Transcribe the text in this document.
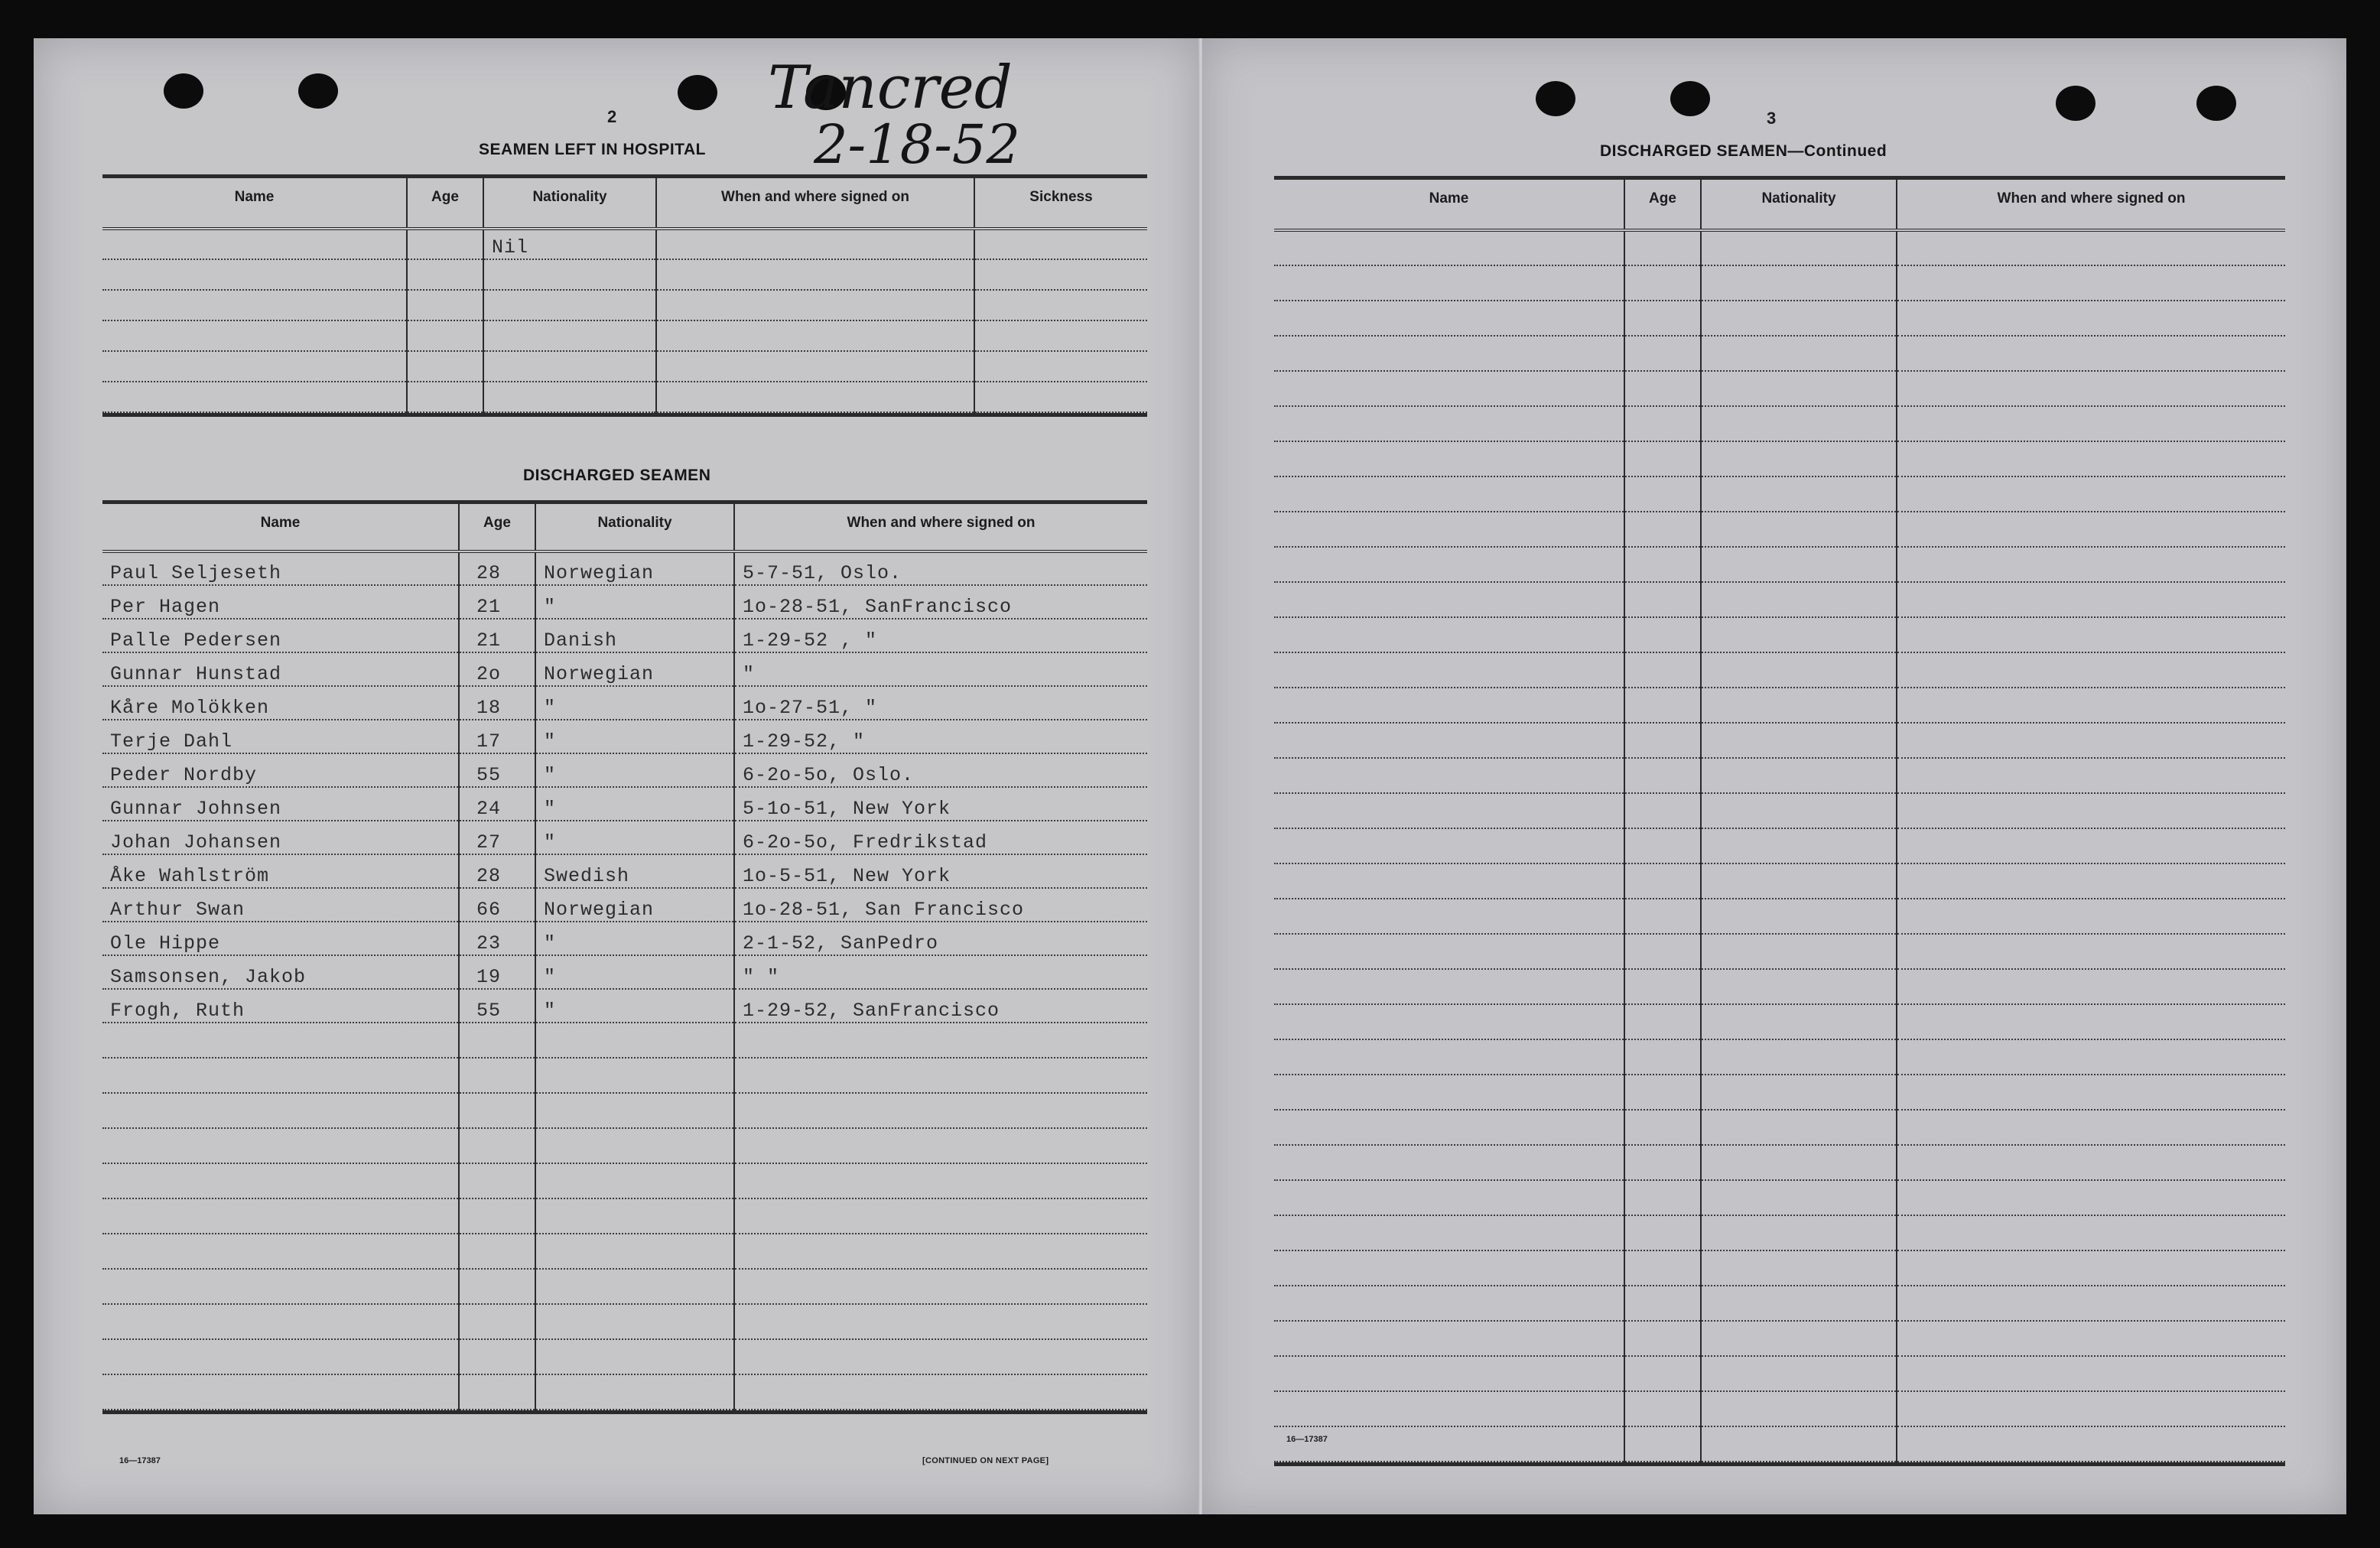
Tancred
2-18-52
2
SEAMEN LEFT IN HOSPITAL
Name	Age	Nationality	When and where signed on	Sickness
		Nil		

DISCHARGED SEAMEN
Name	Age	Nationality	When and where signed on
Paul Seljeseth	28	Norwegian	5-7-51, Oslo.
Per Hagen	21	"	1o-28-51, SanFrancisco
Palle Pedersen	21	Danish	1-29-52 , "
Gunnar Hunstad	2o	Norwegian	"
Kåre Molökken	18	"	1o-27-51, "
Terje Dahl	17	"	1-29-52, "
Peder Nordby	55	"	6-2o-5o, Oslo.
Gunnar Johnsen	24	"	5-1o-51, New York
Johan Johansen	27	"	6-2o-5o, Fredrikstad
Åke Wahlström	28	Swedish	1o-5-51, New York
Arthur Swan	66	Norwegian	1o-28-51, San Francisco
Ole Hippe	23	"	2-1-52, SanPedro
Samsonsen, Jakob	19	"	" "
Frogh, Ruth	55	"	1-29-52, SanFrancisco

16—17387	[CONTINUED ON NEXT PAGE]
3
DISCHARGED SEAMEN—Continued
Name	Age	Nationality	When and where signed on

16—17387
